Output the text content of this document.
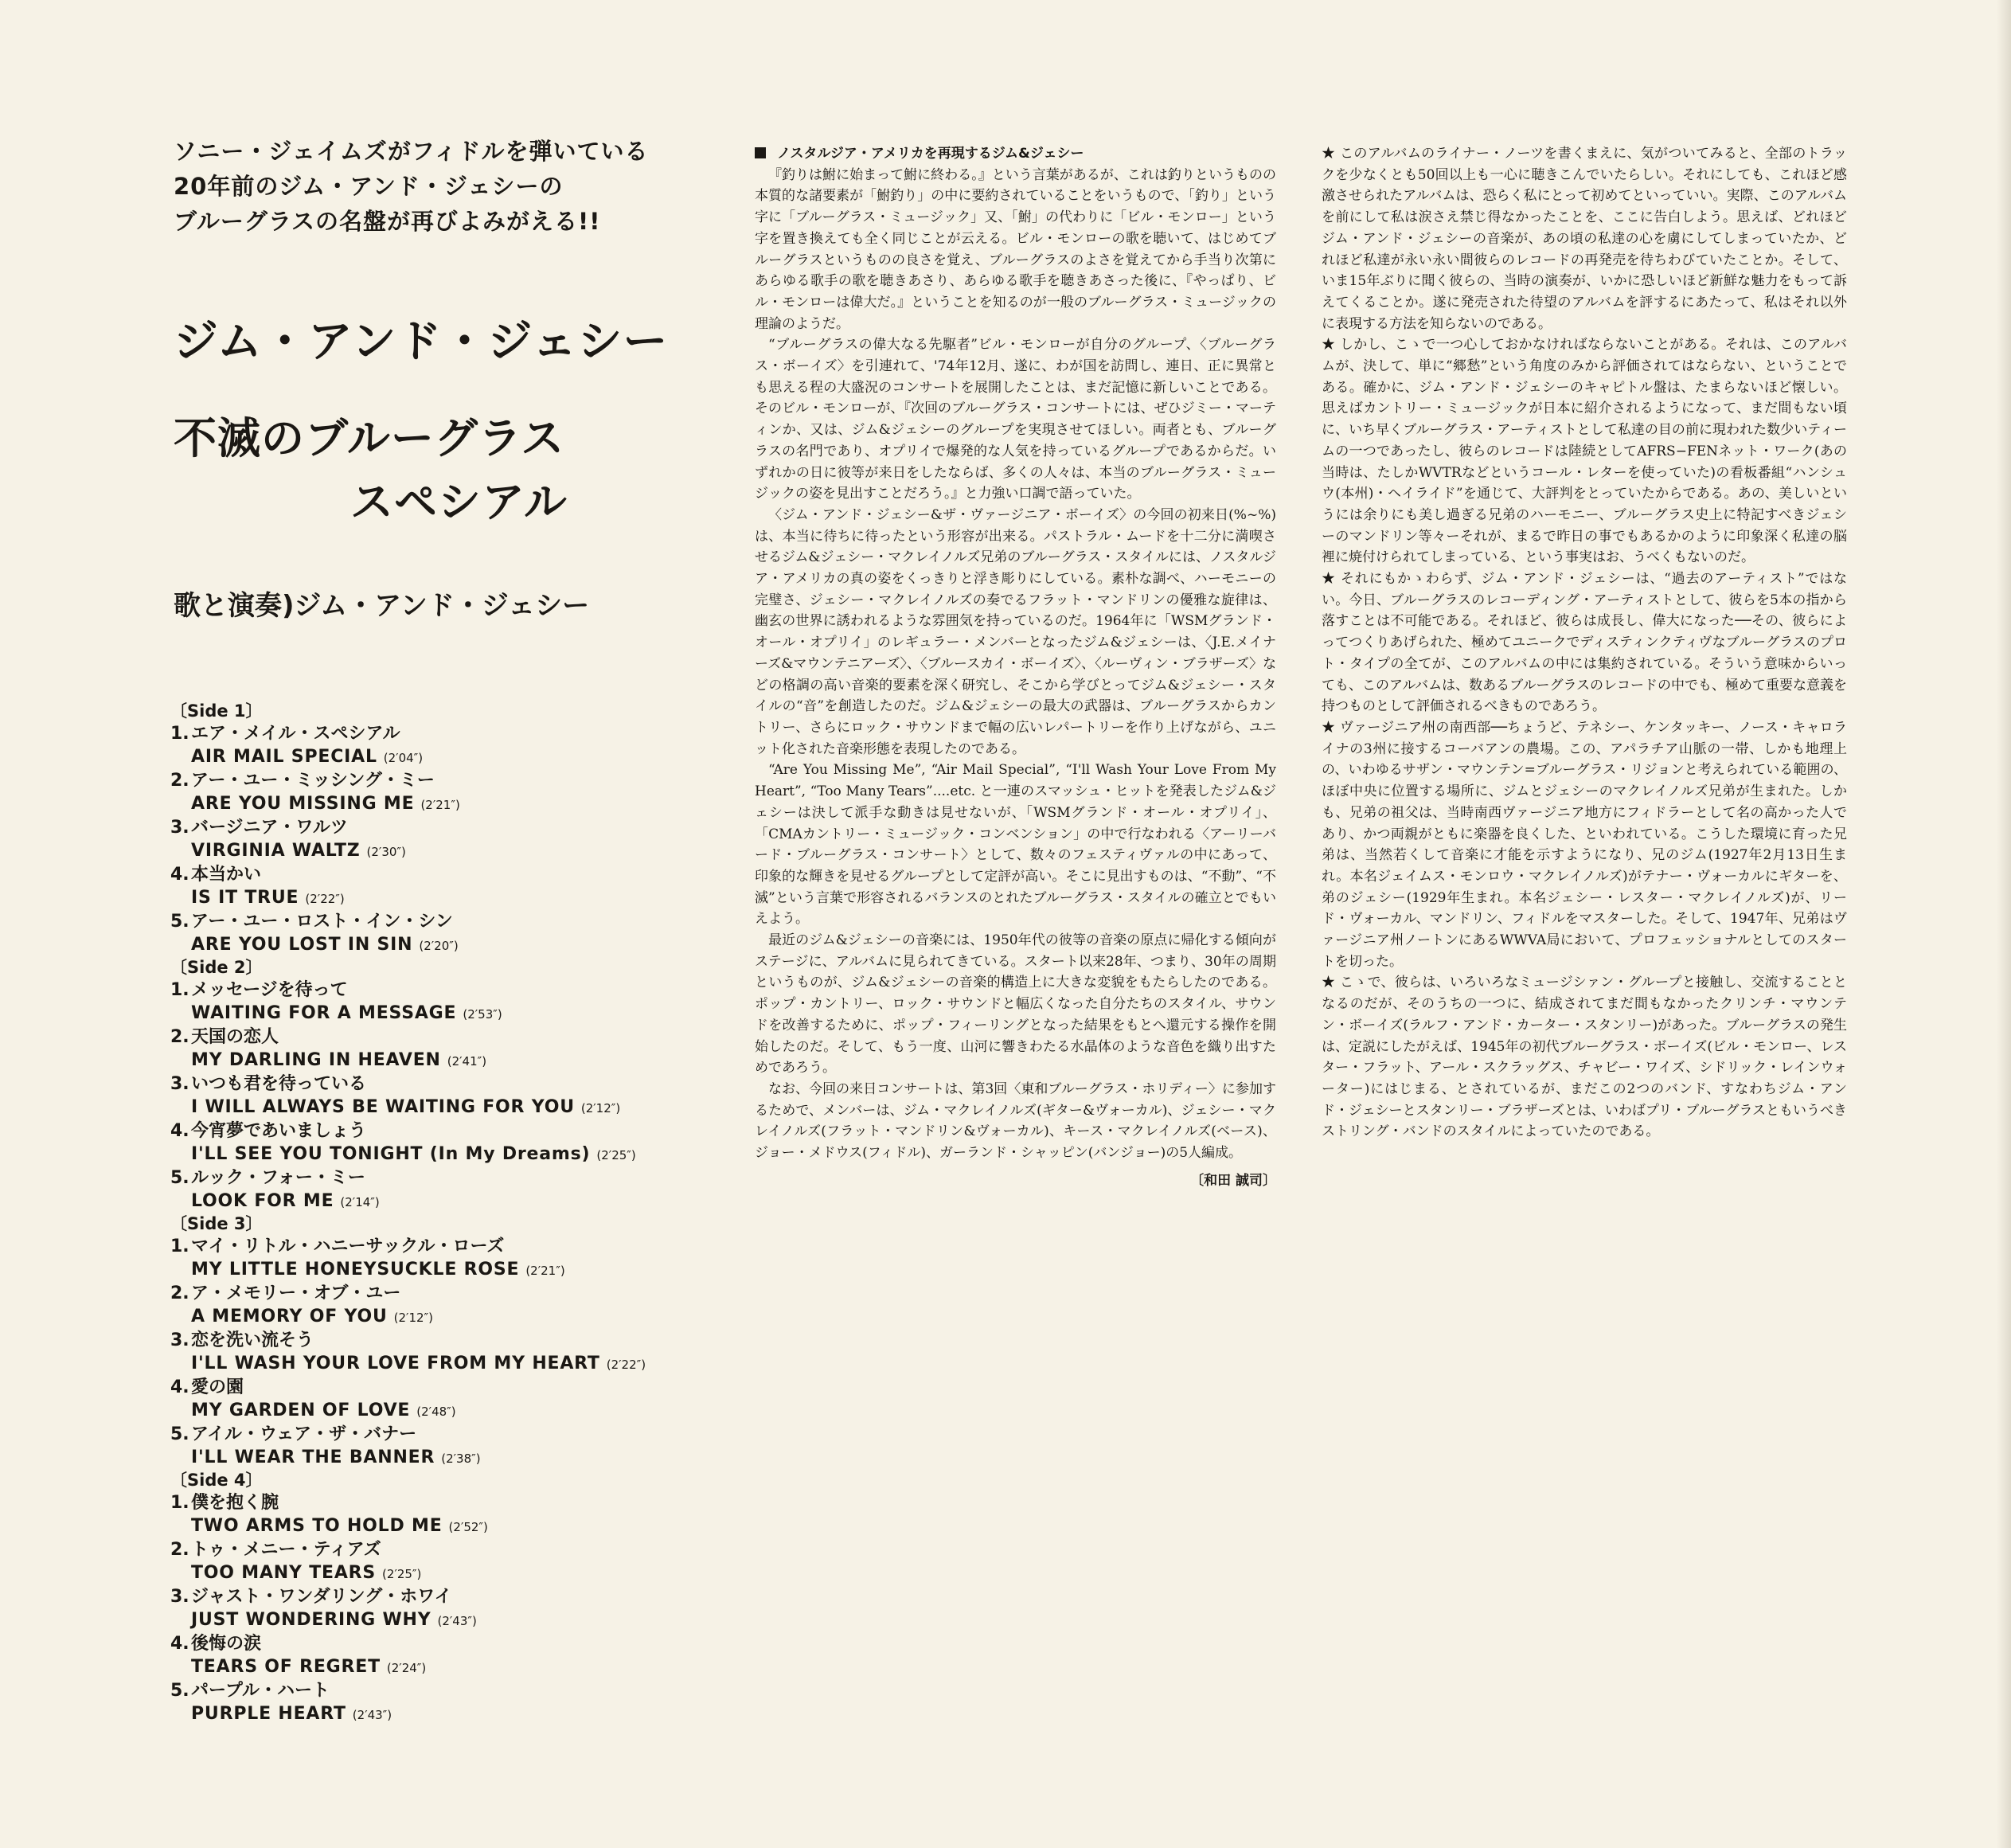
ソニー・ジェイムズがフィドルを弾いている
20年前のジム・アンド・ジェシーの
ブルーグラスの名盤が再びよみがえる!!
ジム・アンド・ジェシー
不滅のブルーグラス
スペシアル
歌と演奏)ジム・アンド・ジェシー
〔Side 1〕
1. エア・メイル・スペシアル
AIR MAIL SPECIAL (2′04″)
2. アー・ユー・ミッシング・ミー
ARE YOU MISSING ME (2′21″)
3. バージニア・ワルツ
VIRGINIA WALTZ (2′30″)
4. 本当かい
IS IT TRUE (2′22″)
5. アー・ユー・ロスト・イン・シン
ARE YOU LOST IN SIN (2′20″)
〔Side 2〕
1. メッセージを待って
WAITING FOR A MESSAGE (2′53″)
2. 天国の恋人
MY DARLING IN HEAVEN (2′41″)
3. いつも君を待っている
I WILL ALWAYS BE WAITING FOR YOU (2′12″)
4. 今宵夢であいましょう
I'LL SEE YOU TONIGHT (In My Dreams) (2′25″)
5. ルック・フォー・ミー
LOOK FOR ME (2′14″)
〔Side 3〕
1. マイ・リトル・ハニーサックル・ローズ
MY LITTLE HONEYSUCKLE ROSE (2′21″)
2. ア・メモリー・オブ・ユー
A MEMORY OF YOU (2′12″)
3. 恋を洗い流そう
I'LL WASH YOUR LOVE FROM MY HEART (2′22″)
4. 愛の園
MY GARDEN OF LOVE (2′48″)
5. アイル・ウェア・ザ・バナー
I'LL WEAR THE BANNER (2′38″)
〔Side 4〕
1. 僕を抱く腕
TWO ARMS TO HOLD ME (2′52″)
2. トゥ・メニー・ティアズ
TOO MANY TEARS (2′25″)
3. ジャスト・ワンダリング・ホワイ
JUST WONDERING WHY (2′43″)
4. 後悔の涙
TEARS OF REGRET (2′24″)
5. パープル・ハート
PURPLE HEART (2′43″)
ノスタルジア・アメリカを再現するジム&ジェシー

『釣りは鮒に始まって鮒に終わる。』という言葉があるが、これは釣りというものの本質的な諸要素が「鮒釣り」の中に要約されていることをいうもので、「釣り」という字に「ブルーグラス・ミュージック」又、「鮒」の代わりに「ビル・モンロー」という字を置き換えても全く同じことが云える。ビル・モンローの歌を聴いて、はじめてブルーグラスというものの良さを覚え、ブルーグラスのよさを覚えてから手当り次第にあらゆる歌手の歌を聴きあさり、あらゆる歌手を聴きあさった後に、『やっぱり、ビル・モンローは偉大だ。』ということを知るのが一般のブルーグラス・ミュージックの理論のようだ。

“ブルーグラスの偉大なる先駆者”ビル・モンローが自分のグループ、〈ブルーグラス・ボーイズ〉を引連れて、'74年12月、遂に、わが国を訪問し、連日、正に異常とも思える程の大盛況のコンサートを展開したことは、まだ記憶に新しいことである。そのビル・モンローが、『次回のブルーグラス・コンサートには、ぜひジミー・マーティンか、又は、ジム&ジェシーのグループを実現させてほしい。両者とも、ブルーグラスの名門であり、オプリイで爆発的な人気を持っているグループであるからだ。いずれかの日に彼等が来日をしたならば、多くの人々は、本当のブルーグラス・ミュージックの姿を見出すことだろう。』と力強い口調で語っていた。

〈ジム・アンド・ジェシー&ザ・ヴァージニア・ボーイズ〉の今回の初来日(%~%)は、本当に待ちに待ったという形容が出来る。パストラル・ムードを十二分に満喫させるジム&ジェシー・マクレイノルズ兄弟のブルーグラス・スタイルには、ノスタルジア・アメリカの真の姿をくっきりと浮き彫りにしている。素朴な調べ、ハーモニーの完璧さ、ジェシー・マクレイノルズの奏でるフラット・マンドリンの優雅な旋律は、幽玄の世界に誘われるような雰囲気を持っているのだ。1964年に「WSMグランド・オール・オプリイ」のレギュラー・メンバーとなったジム&ジェシーは、〈J.E.メイナーズ&マウンテニアーズ〉、〈ブルースカイ・ボーイズ〉、〈ルーヴィン・ブラザーズ〉などの格調の高い音楽的要素を深く研究し、そこから学びとってジム&ジェシー・スタイルの“音”を創造したのだ。ジム&ジェシーの最大の武器は、ブルーグラスからカントリー、さらにロック・サウンドまで幅の広いレパートリーを作り上げながら、ユニット化された音楽形態を表現したのである。

“Are You Missing Me”, “Air Mail Special”, “I'll Wash Your Love From My Heart”, “Too Many Tears”....etc. と一連のスマッシュ・ヒットを発表したジム&ジェシーは決して派手な動きは見せないが、「WSMグランド・オール・オプリイ」、「CMAカントリー・ミュージック・コンベンション」の中で行なわれる〈アーリーバード・ブルーグラス・コンサート〉として、数々のフェスティヴァルの中にあって、印象的な輝きを見せるグループとして定評が高い。そこに見出すものは、“不動”、“不滅”という言葉で形容されるバランスのとれたブルーグラス・スタイルの確立とでもいえよう。

最近のジム&ジェシーの音楽には、1950年代の彼等の音楽の原点に帰化する傾向がステージに、アルバムに見られてきている。スタート以来28年、つまり、30年の周期というものが、ジム&ジェシーの音楽的構造上に大きな変貌をもたらしたのである。ポップ・カントリー、ロック・サウンドと幅広くなった自分たちのスタイル、サウンドを改善するために、ポップ・フィーリングとなった結果をもとへ還元する操作を開始したのだ。そして、もう一度、山河に響きわたる水晶体のような音色を織り出すためであろう。

なお、今回の来日コンサートは、第3回〈東和ブルーグラス・ホリディー〉に参加するためで、メンバーは、ジム・マクレイノルズ(ギター&ヴォーカル)、ジェシー・マクレイノルズ(フラット・マンドリン&ヴォーカル)、キース・マクレイノルズ(ベース)、ジョー・メドウス(フィドル)、ガーランド・シャッピン(バンジョー)の5人編成。

〔和田 誠司〕

★ このアルバムのライナー・ノーツを書くまえに、気がついてみると、全部のトラックを少なくとも50回以上も一心に聴きこんでいたらしい。それにしても、これほど感激させられたアルバムは、恐らく私にとって初めてといっていい。実際、このアルバムを前にして私は涙さえ禁じ得なかったことを、ここに告白しよう。思えば、どれほどジム・アンド・ジェシーの音楽が、あの頃の私達の心を虜にしてしまっていたか、どれほど私達が永い永い間彼らのレコードの再発売を待ちわびていたことか。そして、いま15年ぶりに聞く彼らの、当時の演奏が、いかに恐しいほど新鮮な魅力をもって訴えてくることか。遂に発売された待望のアルバムを評するにあたって、私はそれ以外に表現する方法を知らないのである。

★ しかし、こゝで一つ心しておかなければならないことがある。それは、このアルバムが、決して、単に“郷愁”という角度のみから評価されてはならない、ということである。確かに、ジム・アンド・ジェシーのキャピトル盤は、たまらないほど懐しい。思えばカントリー・ミュージックが日本に紹介されるようになって、まだ間もない頃に、いち早くブルーグラス・アーティストとして私達の目の前に現われた数少いティームの一つであったし、彼らのレコードは陸続としてAFRS−FENネット・ワーク(あの当時は、たしかWVTRなどというコール・レターを使っていた)の看板番組“ハンシュウ(本州)・ヘイライド”を通じて、大評判をとっていたからである。あの、美しいというには余りにも美し過ぎる兄弟のハーモニー、ブルーグラス史上に特記すべきジェシーのマンドリン等々ーそれが、まるで昨日の事でもあるかのように印象深く私達の脳裡に焼付けられてしまっている、という事実はお、うべくもないのだ。

★ それにもかゝわらず、ジム・アンド・ジェシーは、“過去のアーティスト”ではない。今日、ブルーグラスのレコーディング・アーティストとして、彼らを5本の指から落すことは不可能である。それほど、彼らは成長し、偉大になった──その、彼らによってつくりあげられた、極めてユニークでディスティンクティヴなブルーグラスのプロト・タイプの全てが、このアルバムの中には集約されている。そういう意味からいっても、このアルバムは、数あるブルーグラスのレコードの中でも、極めて重要な意義を持つものとして評価されるべきものであろう。

★ ヴァージニア州の南西部──ちょうど、テネシー、ケンタッキー、ノース・キャロライナの3州に接するコーバアンの農場。この、アパラチア山脈の一帯、しかも地理上の、いわゆるサザン・マウンテン=ブルーグラス・リジョンと考えられている範囲の、ほぼ中央に位置する場所に、ジムとジェシーのマクレイノルズ兄弟が生まれた。しかも、兄弟の祖父は、当時南西ヴァージニア地方にフィドラーとして名の高かった人であり、かつ両親がともに楽器を良くした、といわれている。こうした環境に育った兄弟は、当然若くして音楽に才能を示すようになり、兄のジム(1927年2月13日生まれ。本名ジェイムス・モンロウ・マクレイノルズ)がテナー・ヴォーカルにギターを、弟のジェシー(1929年生まれ。本名ジェシー・レスター・マクレイノルズ)が、リード・ヴォーカル、マンドリン、フィドルをマスターした。そして、1947年、兄弟はヴァージニア州ノートンにあるWWVA局において、プロフェッショナルとしてのスタートを切った。

★ こゝで、彼らは、いろいろなミュージシァン・グループと接触し、交流することとなるのだが、そのうちの一つに、結成されてまだ間もなかったクリンチ・マウンテン・ボーイズ(ラルフ・アンド・カーター・スタンリー)があった。ブルーグラスの発生は、定説にしたがえば、1945年の初代ブルーグラス・ボーイズ(ビル・モンロー、レスター・フラット、アール・スクラッグス、チャビー・ワイズ、シドリック・レインウォーター)にはじまる、とされているが、まだこの2つのバンド、すなわちジム・アンド・ジェシーとスタンリー・ブラザーズとは、いわばプリ・ブルーグラスともいうべきストリング・バンドのスタイルによっていたのである。
